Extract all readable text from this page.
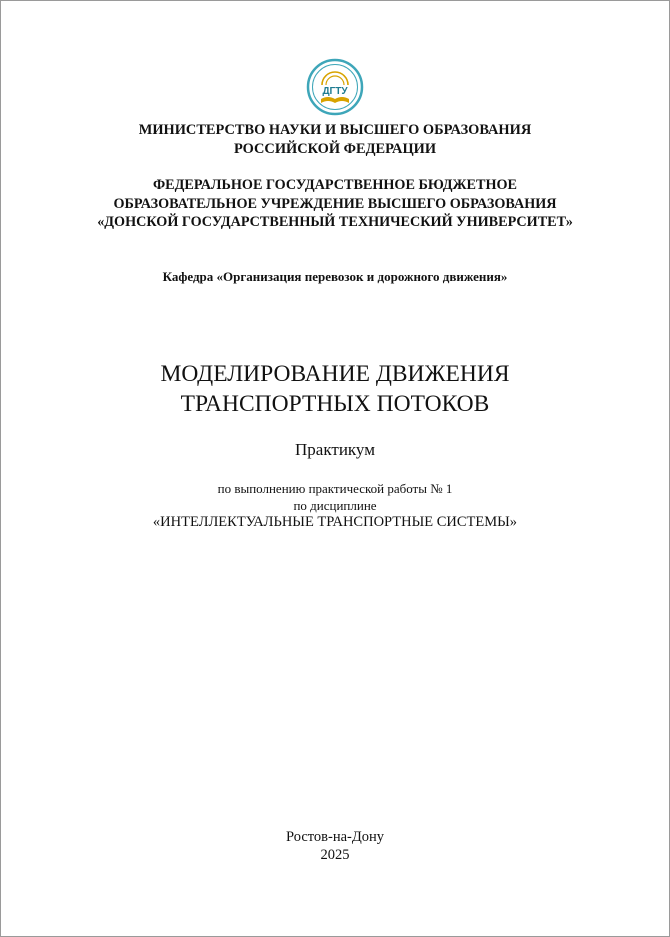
ДГТУ
МИНИСТЕРСТВО НАУКИ И ВЫСШЕГО ОБРАЗОВАНИЯ
РОССИЙСКОЙ ФЕДЕРАЦИИ
ФЕДЕРАЛЬНОЕ ГОСУДАРСТВЕННОЕ БЮДЖЕТНОЕ
ОБРАЗОВАТЕЛЬНОЕ УЧРЕЖДЕНИЕ ВЫСШЕГО ОБРАЗОВАНИЯ
«ДОНСКОЙ ГОСУДАРСТВЕННЫЙ ТЕХНИЧЕСКИЙ УНИВЕРСИТЕТ»
Кафедра «Организация перевозок и дорожного движения»
МОДЕЛИРОВАНИЕ ДВИЖЕНИЯ
ТРАНСПОРТНЫХ ПОТОКОВ
Практикум
по выполнению практической работы № 1
по дисциплине
«ИНТЕЛЛЕКТУАЛЬНЫЕ ТРАНСПОРТНЫЕ СИСТЕМЫ»
Ростов-на-Дону
2025
